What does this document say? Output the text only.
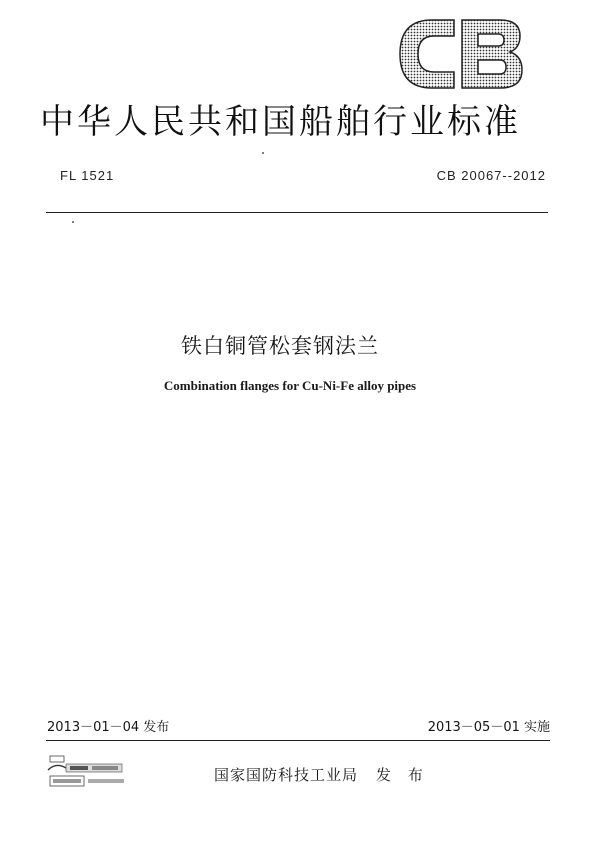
中华人民共和国船舶行业标准
FL 1521	CB 20067--2012
铁白铜管松套钢法兰
Combination flanges for Cu-Ni-Fe alloy pipes
2013－01－04 发布	2013－05－01 实施
国家国防科技工业局 发 布
